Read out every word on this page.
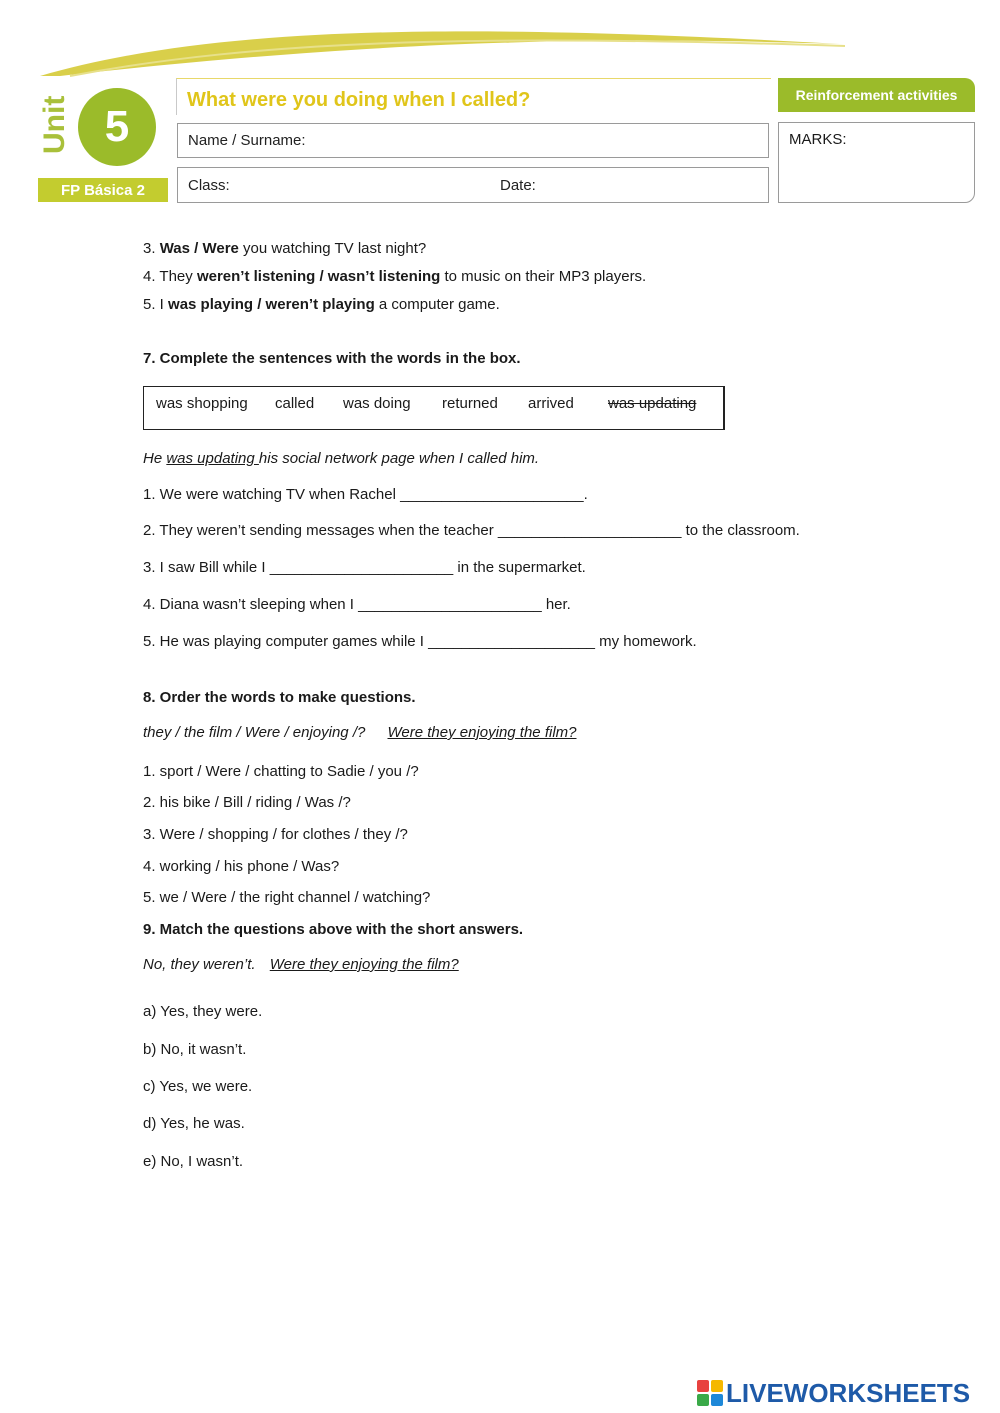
Unit 5
FP Básica 2
What were you doing when I called?	Reinforcement activities
Name / Surname:
Class:	Date:
MARKS:
3. Was / Were you watching TV last night?
4. They weren’t listening / wasn’t listening to music on their MP3 players.
5. I was playing / weren’t playing a computer game.
7. Complete the sentences with the words in the box.
was shopping called was doing returned arrived was updating
He was updating his social network page when I called him.
1. We were watching TV when Rachel ______________________.
2. They weren’t sending messages when the teacher ______________________ to the classroom.
3. I saw Bill while I ______________________ in the supermarket.
4. Diana wasn’t sleeping when I ______________________ her.
5. He was playing computer games while I ____________________ my homework.
8. Order the words to make questions.
they / the film / Were / enjoying /? Were they enjoying the film?
1. sport / Were / chatting to Sadie / you /?
2. his bike / Bill / riding / Was /?
3. Were / shopping / for clothes / they /?
4. working / his phone / Was?
5. we / Were / the right channel / watching?
9. Match the questions above with the short answers.
No, they weren’t. Were they enjoying the film?
a) Yes, they were.
b) No, it wasn’t.
c) Yes, we were.
d) Yes, he was.
e) No, I wasn’t.
LIVEWORKSHEETS
